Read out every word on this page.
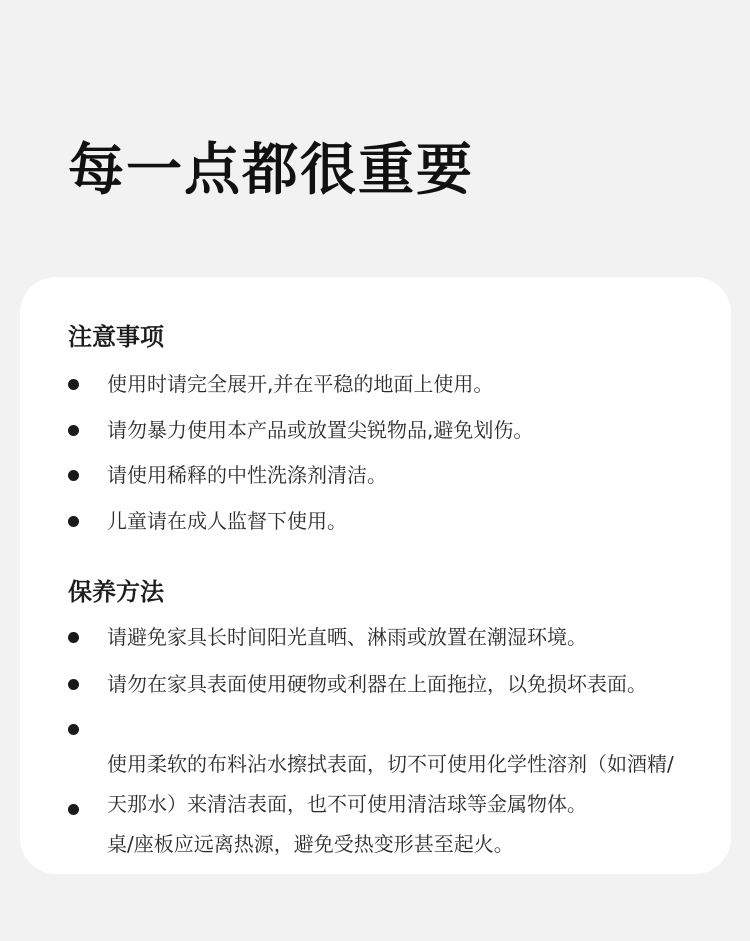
每一点都很重要
注意事项
使用时请完全展开,并在平稳的地面上使用。
请勿暴力使用本产品或放置尖锐物品,避免划伤。
请使用稀释的中性洗涤剂清洁。
儿童请在成人监督下使用。
保养方法
请避免家具长时间阳光直晒、淋雨或放置在潮湿环境。
请勿在家具表面使用硬物或利器在上面拖拉，以免损坏表面。
使用柔软的布料沾水擦拭表面，切不可使用化学性溶剂（如酒精/天那水）来清洁表面，也不可使用清洁球等金属物体。
桌/座板应远离热源，避免受热变形甚至起火。
